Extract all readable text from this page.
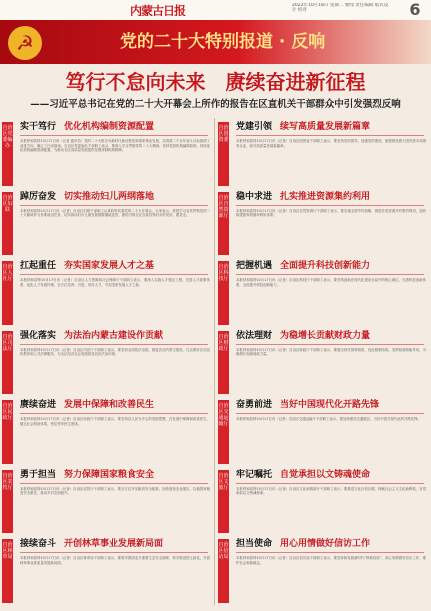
内蒙古日报	2022年10月18日 星期二 要闻 责任编辑 版式设计 校对	6
☭	党的二十大特别报道 · 反响
笃行不怠向未来　赓续奋进新征程
——习近平总书记在党的二十大开幕会上所作的报告在区直机关干部群众中引发强烈反响
自治区党委编办
实干笃行 优化机构编制资源配置
本报呼和浩特10月17日讯（记者 通讯员）党的二十大报告为新时代新征程党和国家事业发展、实现第二个百年奋斗目标指明了前进方向、确立了行动指南。自治区党委编办干部职工表示，要深入学习贯彻党的二十大精神，坚持党管机构编制原则，持续优化机构编制资源配置，为推动全区高质量发展提供坚强体制机制保障。
自治区妇联
踔厉奋发 切实推动妇儿两纲落地
本报呼和浩特10月17日讯（记者）自治区妇联干部职工认真收听收看党的二十大开幕会，大家表示，将把学习宣传贯彻党的二十大精神作为首要政治任务，切实推动妇女儿童发展纲要落地见效，团结引领全区各族各界妇女听党话、跟党走。
自治区人社厅
扛起重任 夯实国家发展人才之基
本报呼和浩特10月17日讯（记者）自治区人力资源和社会保障厅干部职工表示，要深入实施人才强区工程，完善人才政策体系，优化人才发展环境，全方位培养、引进、用好人才，夯实国家发展人才之基。
自治区司法厅
强化落实 为法治内蒙古建设作贡献
本报呼和浩特10月17日讯（记者）自治区司法厅干部职工表示，要坚持全面依法治国，推进法治内蒙古建设，扎实做好法治宣传教育和公共法律服务，为全区经济社会发展营造良好法治环境。
自治区民政厅
赓续奋进 发展中保障和改善民生
本报呼和浩特10月17日讯（记者）自治区民政厅干部职工表示，要坚持以人民为中心的发展思想，在发展中保障和改善民生，健全社会救助体系，兜住兜牢民生底线。
自治区农牧厅
勇于担当 努力保障国家粮食安全
本报呼和浩特10月17日讯（记者）自治区农牧厅干部职工表示，要全方位夯实粮食安全根基，加快建设农业强区，扛稳国家粮食安全重任，推动乡村全面振兴。
自治区林草局
接续奋斗 开创林草事业发展新局面
本报呼和浩特10月17日讯（记者）自治区林草局干部职工表示，要筑牢我国北方重要生态安全屏障，科学推进国土绿化，开创林草事业高质量发展新局面。
自治区国资委
党建引领 续写高质量发展新篇章
本报呼和浩特10月17日讯（记者）自治区国资委干部职工表示，要坚持党的领导、加强党的建设，做强做优做大国有资本和国有企业，续写高质量发展新篇章。
自治区自然资源厅
稳中求进 扎实推进资源集约利用
本报呼和浩特10月17日讯（记者）自治区自然资源厅干部职工表示，要实施全面节约战略，推进各类资源节约集约利用，加快构建废弃物循环利用体系。
自治区科技厅
把握机遇 全面提升科技创新能力
本报呼和浩特10月17日讯（记者）自治区科技厅干部职工表示，要坚持创新在现代化建设全局中的核心地位，完善科技创新体系，全面提升科技创新能力。
自治区财政厅
依法理财 为稳增长贡献财政力量
本报呼和浩特10月17日讯（记者）自治区财政厅干部职工表示，要健全现代预算制度，优化税制结构，发挥财政职能作用，为稳增长贡献财政力量。
自治区交通运输厅
奋勇前进 当好中国现代化开路先锋
本报呼和浩特10月17日讯（记者）自治区交通运输厅干部职工表示，要加快建设交通强区，当好中国式现代化的开路先锋。
自治区文旅厅
牢记嘱托 自觉承担以文铸魂使命
本报呼和浩特10月17日讯（记者）自治区文化和旅游厅干部职工表示，要推进文化自信自强，铸就社会主义文化新辉煌，自觉承担以文铸魂使命。
自治区信访局
担当使命 用心用情做好信访工作
本报呼和浩特10月17日讯（记者）自治区信访局干部职工表示，要坚持和发展新时代“枫桥经验”，用心用情做好信访工作，维护社会和谐稳定。
